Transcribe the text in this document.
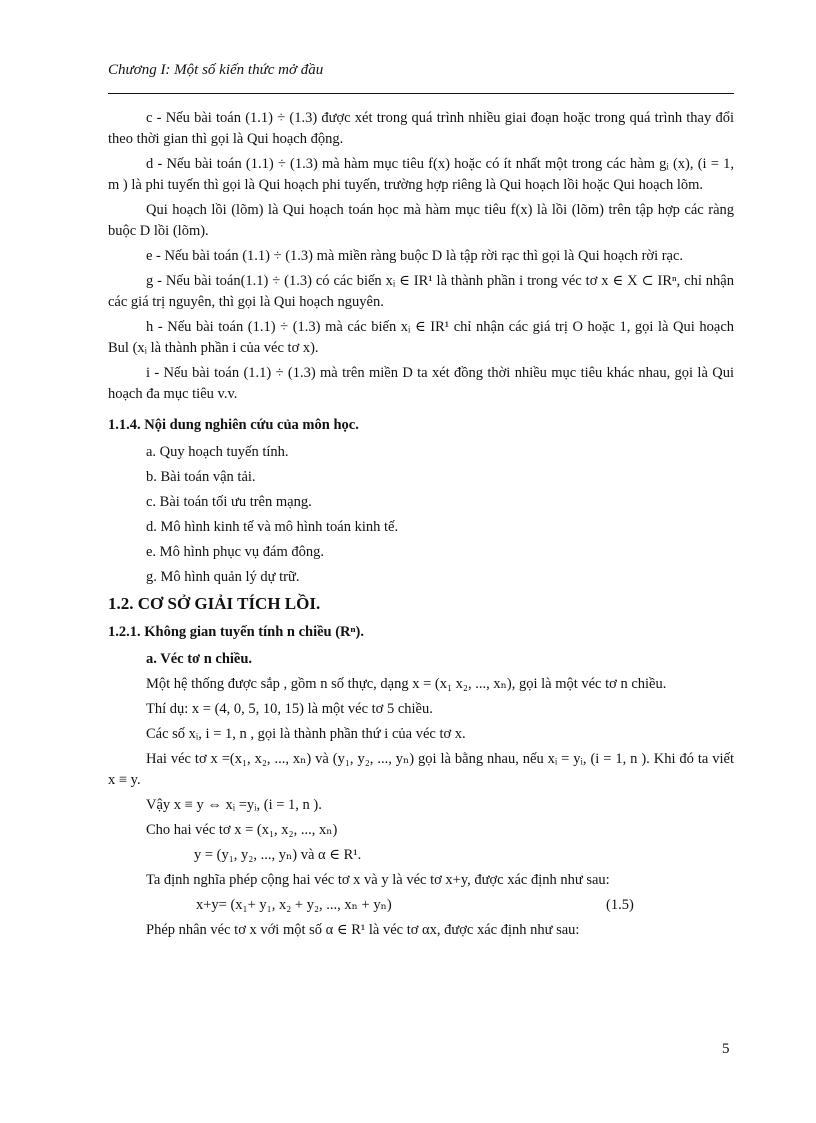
Chương I: Một số kiến thức mở đầu

c - Nếu bài toán (1.1) ÷ (1.3) được xét trong quá trình nhiều giai đoạn hoặc trong quá trình thay đổi theo thời gian thì gọi là Qui hoạch động.

d - Nếu bài toán (1.1) ÷ (1.3) mà hàm mục tiêu f(x) hoặc có ít nhất một trong các hàm gᵢ (x), (i = 1, m ) là phi tuyến thì gọi là Qui hoạch phi tuyến, trường hợp riêng là Qui hoạch lồi hoặc Qui hoạch lõm.

Qui hoạch lồi (lõm) là Qui hoạch toán học mà hàm mục tiêu f(x) là lồi (lõm) trên tập hợp các ràng buộc D lồi (lõm).

e - Nếu bài toán (1.1) ÷ (1.3) mà miền ràng buộc D là tập rời rạc thì gọi là Qui hoạch rời rạc.

g - Nếu bài toán(1.1) ÷ (1.3) có các biến xᵢ ∈ IR¹ là thành phần i trong véc tơ x ∈ X ⊂ IRⁿ, chỉ nhận các giá trị nguyên, thì gọi là Qui hoạch nguyên.

h - Nếu bài toán (1.1) ÷ (1.3) mà các biến xᵢ ∈ IR¹ chỉ nhận các giá trị O hoặc 1, gọi là Qui hoạch Bul (xᵢ là thành phần i của véc tơ x).

i - Nếu bài toán (1.1) ÷ (1.3) mà trên miền D ta xét đồng thời nhiều mục tiêu khác nhau, gọi là Qui hoạch đa mục tiêu v.v.

1.1.4. Nội dung nghiên cứu của môn học.
a. Quy hoạch tuyến tính.
b. Bài toán vận tải.
c. Bài toán tối ưu trên mạng.
d. Mô hình kinh tế và mô hình toán kinh tế.
e. Mô hình phục vụ đám đông.
g. Mô hình quản lý dự trữ.
1.2. CƠ SỞ GIẢI TÍCH LỒI.
1.2.1. Không gian tuyến tính n chiều (Rⁿ).
a. Véc tơ n chiều.

Một hệ thống được sắp , gồm n số thực, dạng x = (x₁ x₂, ..., xₙ), gọi là một véc tơ n chiều.

Thí dụ: x = (4, 0, 5, 10, 15) là một véc tơ 5 chiều.

Các số xᵢ, i = 1, n , gọi là thành phần thứ i của véc tơ x.

Hai véc tơ x =(x₁, x₂, ..., xₙ) và (y₁, y₂, ..., yₙ) gọi là bằng nhau, nếu xᵢ = yᵢ, (i = 1, n ). Khi đó ta viết x ≡ y.

Vậy x ≡ y ⇔ xᵢ =yᵢ, (i = 1, n ).

Cho hai véc tơ x = (x₁, x₂, ..., xₙ)

y = (y₁, y₂, ..., yₙ) và α ∈ R¹.

Ta định nghĩa phép cộng hai véc tơ x và y là véc tơ x+y, được xác định như sau:

x+y= (x₁+ y₁, x₂ + y₂, ..., xₙ + yₙ)	(1.5)

Phép nhân véc tơ x với một số α ∈ R¹ là véc tơ αx, được xác định như sau:

5
